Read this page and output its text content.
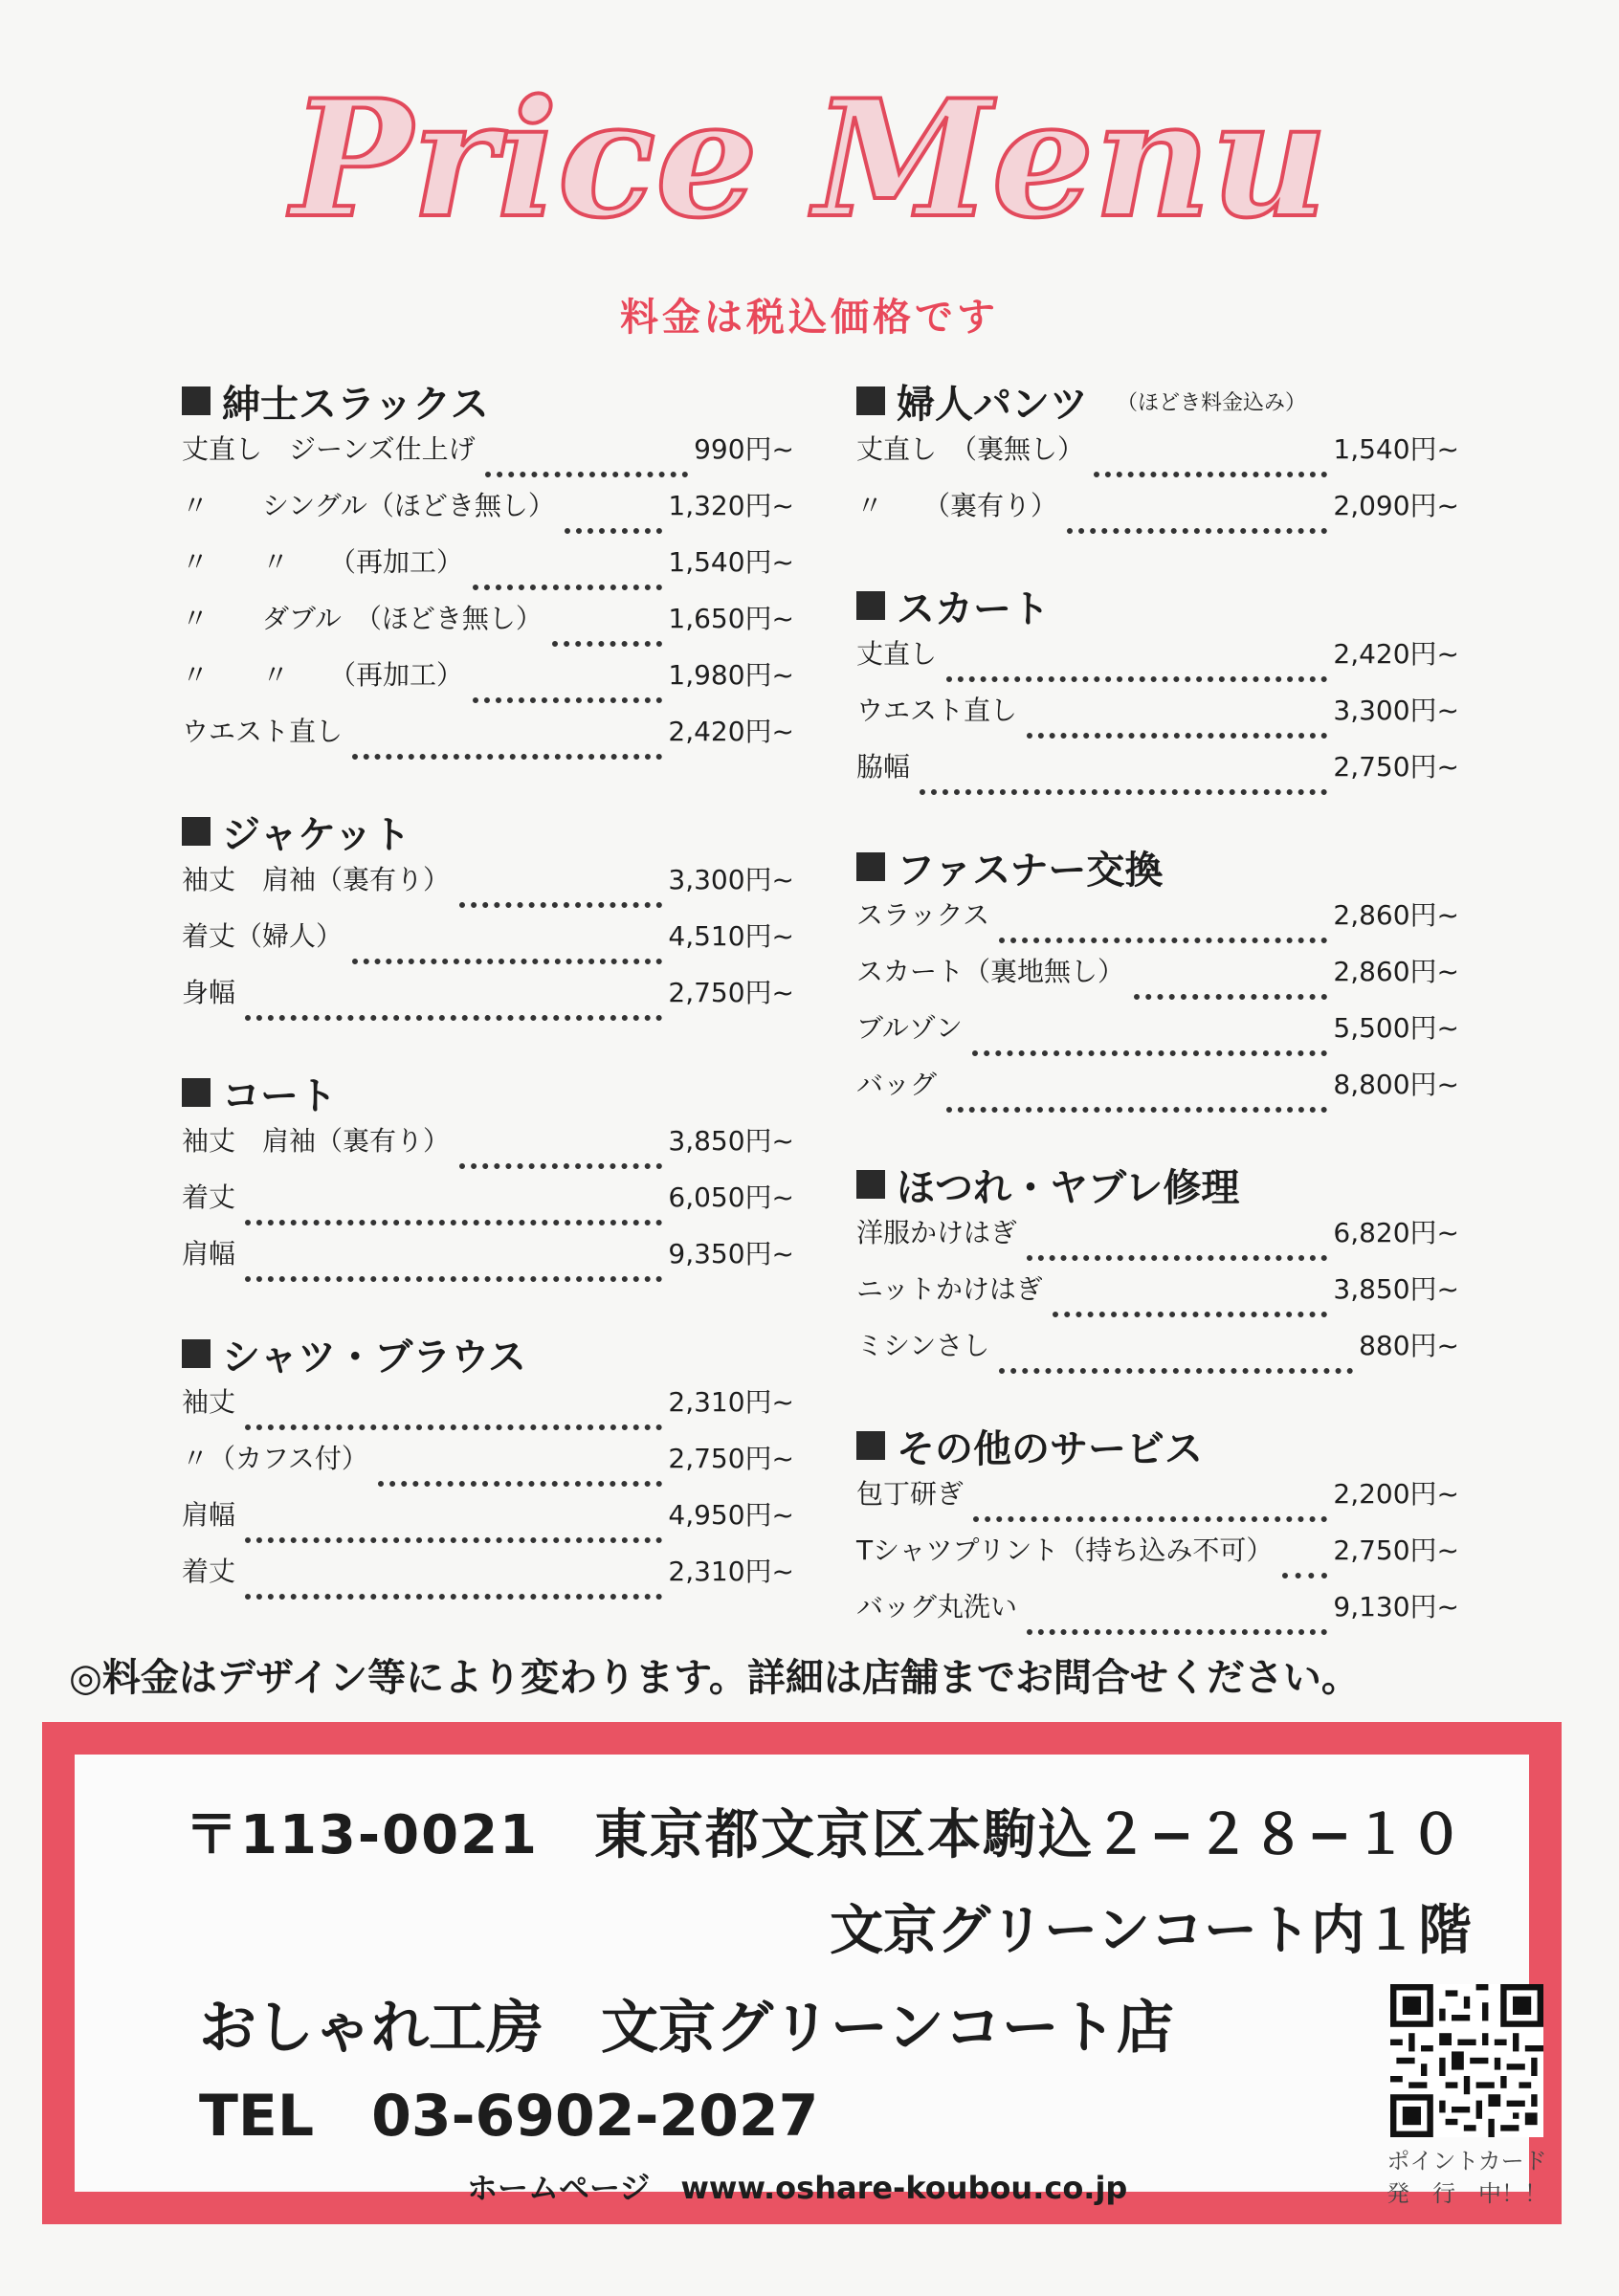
Price Menu
料金は税込価格です
紳士スラックス
丈直し　ジーンズ仕上げ	990円~
〃　　シングル（ほどき無し）	1,320円~
〃　　〃　　（再加工）	1,540円~
〃　　ダブル　（ほどき無し）	1,650円~
〃　　〃　　（再加工）	1,980円~
ウエスト直し	2,420円~
ジャケット
袖丈　肩袖（裏有り）	3,300円~
着丈（婦人）	4,510円~
身幅	2,750円~
コート
袖丈　肩袖（裏有り）	3,850円~
着丈	6,050円~
肩幅	9,350円~
シャツ・ブラウス
袖丈	2,310円~
〃（カフス付）	2,750円~
肩幅	4,950円~
着丈	2,310円~
婦人パンツ （ほどき料金込み）
丈直し　（裏無し）	1,540円~
〃　　（裏有り）	2,090円~
スカート
丈直し	2,420円~
ウエスト直し	3,300円~
脇幅	2,750円~
ファスナー交換
スラックス	2,860円~
スカート（裏地無し）	2,860円~
ブルゾン	5,500円~
バッグ	8,800円~
ほつれ・ヤブレ修理
洋服かけはぎ	6,820円~
ニットかけはぎ	3,850円~
ミシンさし	880円~
その他のサービス
包丁研ぎ	2,200円~
Tシャツプリント（持ち込み不可） 2,750円~
バッグ丸洗い	9,130円~
◎料金はデザイン等により変わります。詳細は店舗までお問合せください。
〒113-0021　東京都文京区本駒込２−２８−１０
文京グリーンコート内１階
おしゃれ工房　文京グリーンコート店
TEL　03-6902-2027
ホームページ　www.oshare-koubou.co.jp
ポイントカード
発　行　中！！
